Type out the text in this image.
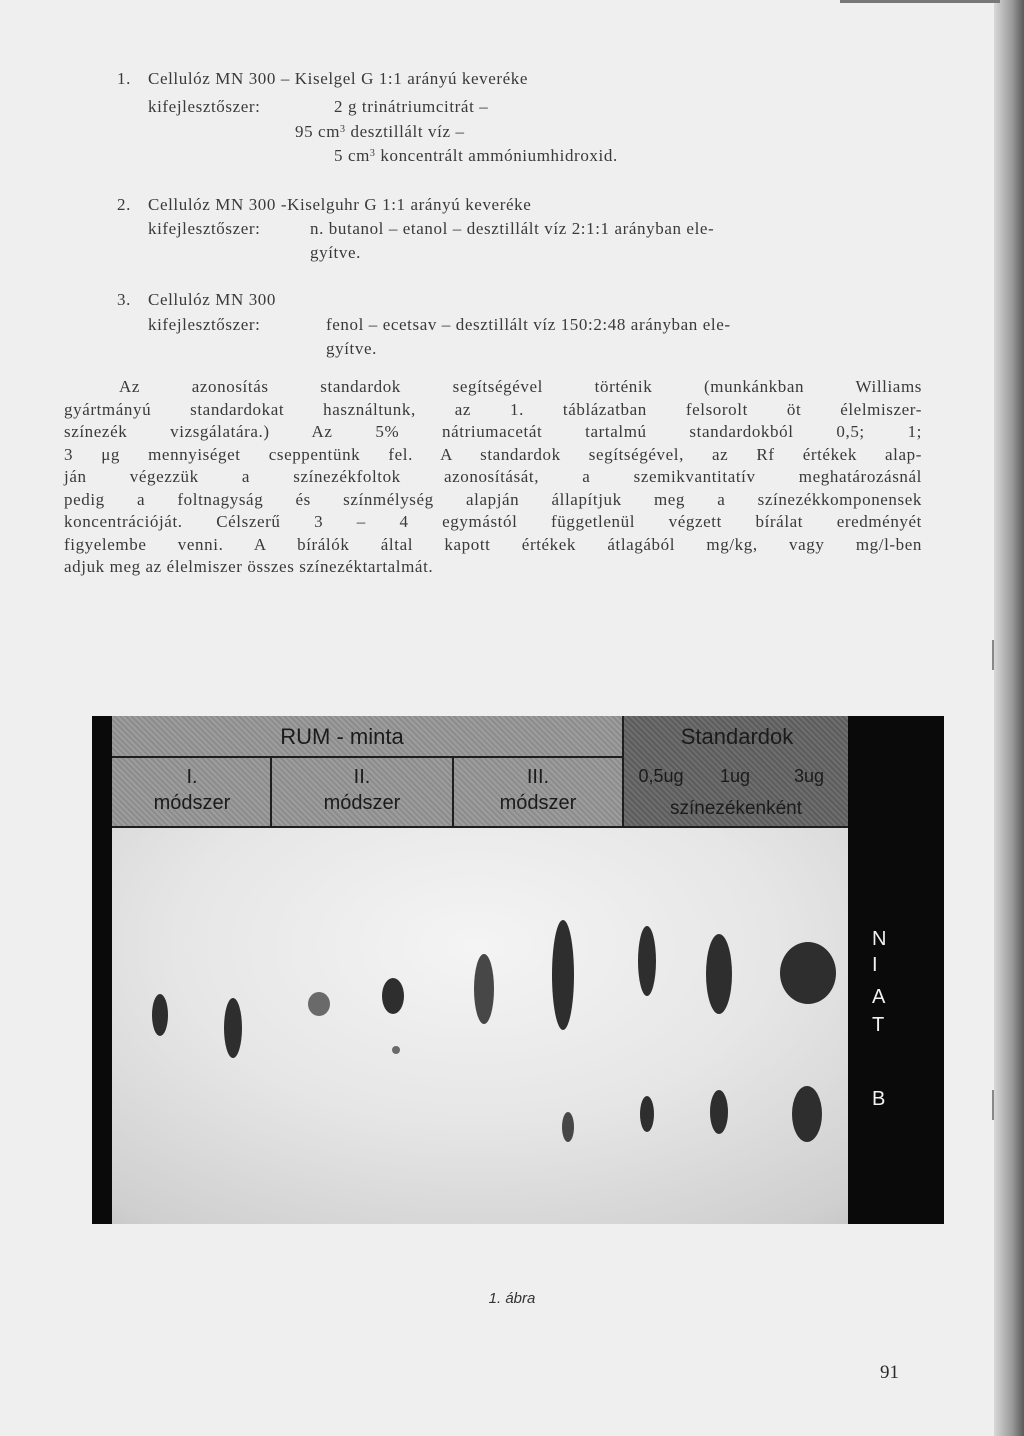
1. Cellulóz MN 300 – Kiselgel G 1:1 arányú keveréke
kifejlesztőszer:	2 g trinátriumcitrát –
95 $cm^3$ desztillált víz –
5 $cm^3$ koncentrált ammóniumhidroxid.
2. Cellulóz MN 300 -Kiselguhr G 1:1 arányú keveréke
kifejlesztőszer:	n. butanol – etanol – desztillált víz 2:1:1 arányban ele-
gyítve.
3. Cellulóz MN 300
kifejlesztőszer:	fenol – ecetsav – desztillált víz 150:2:48 arányban ele-
gyítve.
Az azonosítás standardok segítségével történik (munkánkban Williams
gyártmányú standardokat használtunk, az 1. táblázatban felsorolt öt élelmiszer-
színezék vizsgálatára.) Az 5% nátriumacetát tartalmú standardokból 0,5; 1;
3 μg mennyiséget cseppentünk fel. A standardok segítségével, az Rf értékek alap-
ján végezzük a színezékfoltok azonosítását, a szemikvantitatív meghatározásnál
pedig a foltnagyság és színmélység alapján állapítjuk meg a színezékkomponensek
koncentrációját. Célszerű 3 – 4 egymástól függetlenül végzett bírálat eredményét
figyelembe venni. A bírálók által kapott értékek átlagából mg/kg, vagy mg/l-ben
adjuk meg az élelmiszer összes színezéktartalmát.
RUM - minta	Standardok
I.
módszer
II.
módszer
III.
módszer
0,5ug	1ug	3ug
színezékenként
N
I
A
T
B
1. ábra
91
